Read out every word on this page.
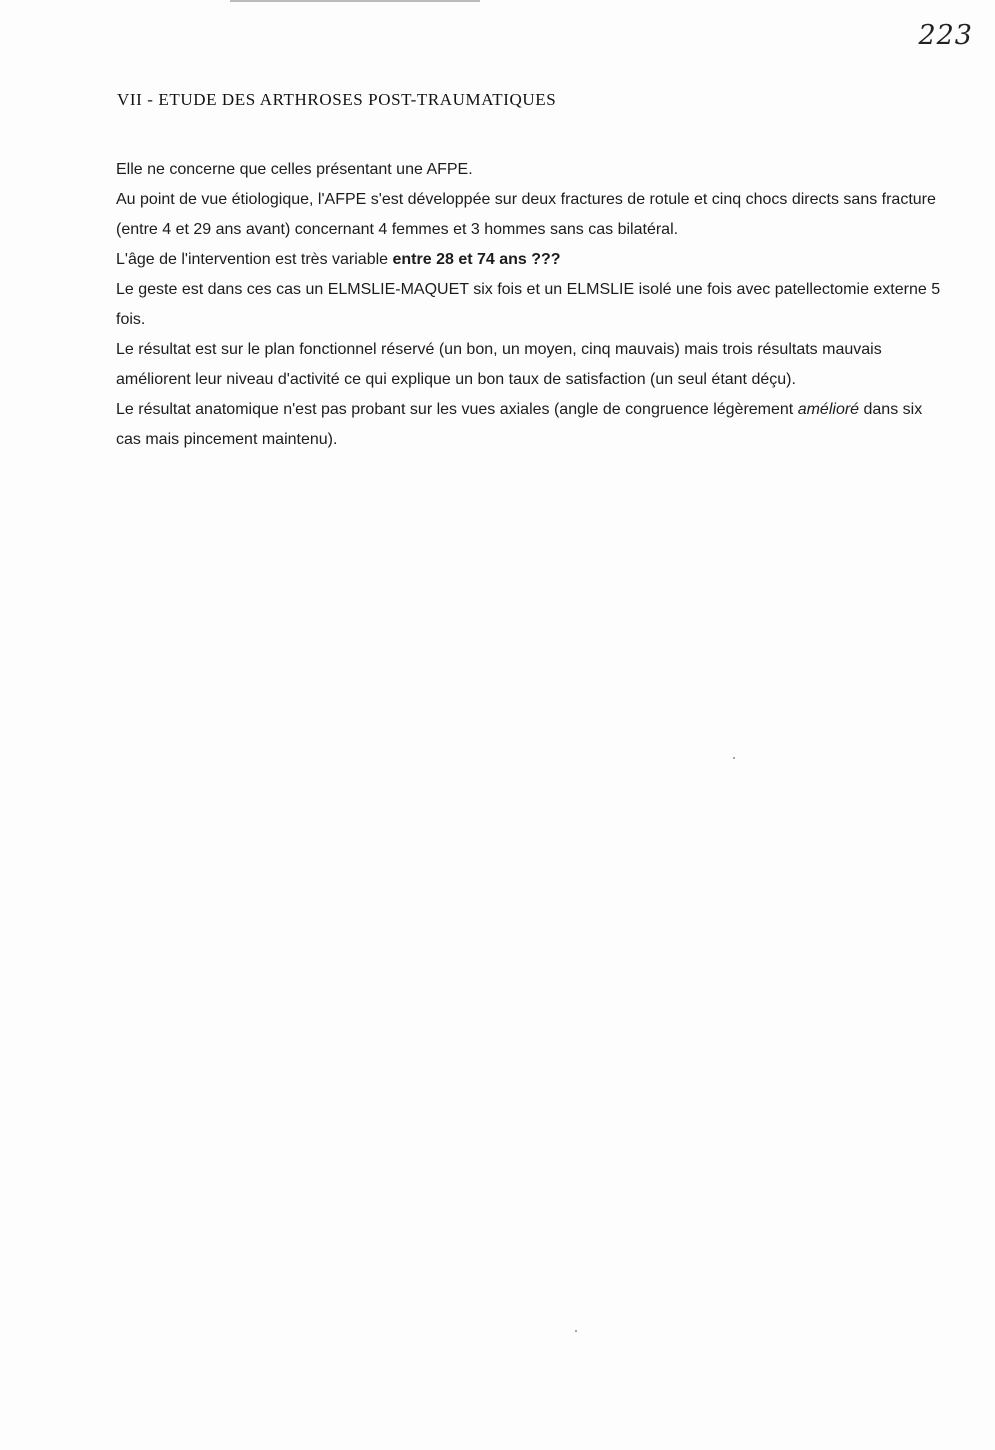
223
VII - ETUDE DES ARTHROSES POST-TRAUMATIQUES

Elle ne concerne que celles présentant une AFPE.

Au point de vue étiologique, l'AFPE s'est développée sur deux fractures de rotule et cinq chocs directs sans fracture (entre 4 et 29 ans avant) concernant 4 femmes et 3 hommes sans cas bilatéral.

L'âge de l'intervention est très variable entre 28 et 74 ans ???

Le geste est dans ces cas un ELMSLIE-MAQUET six fois et un ELMSLIE isolé une fois avec patellectomie externe 5 fois.

Le résultat est sur le plan fonctionnel réservé (un bon, un moyen, cinq mauvais) mais trois résultats mauvais améliorent leur niveau d'activité ce qui explique un bon taux de satisfaction (un seul étant déçu).

Le résultat anatomique n'est pas probant sur les vues axiales (angle de congruence légèrement amélioré dans six cas mais pincement maintenu).
